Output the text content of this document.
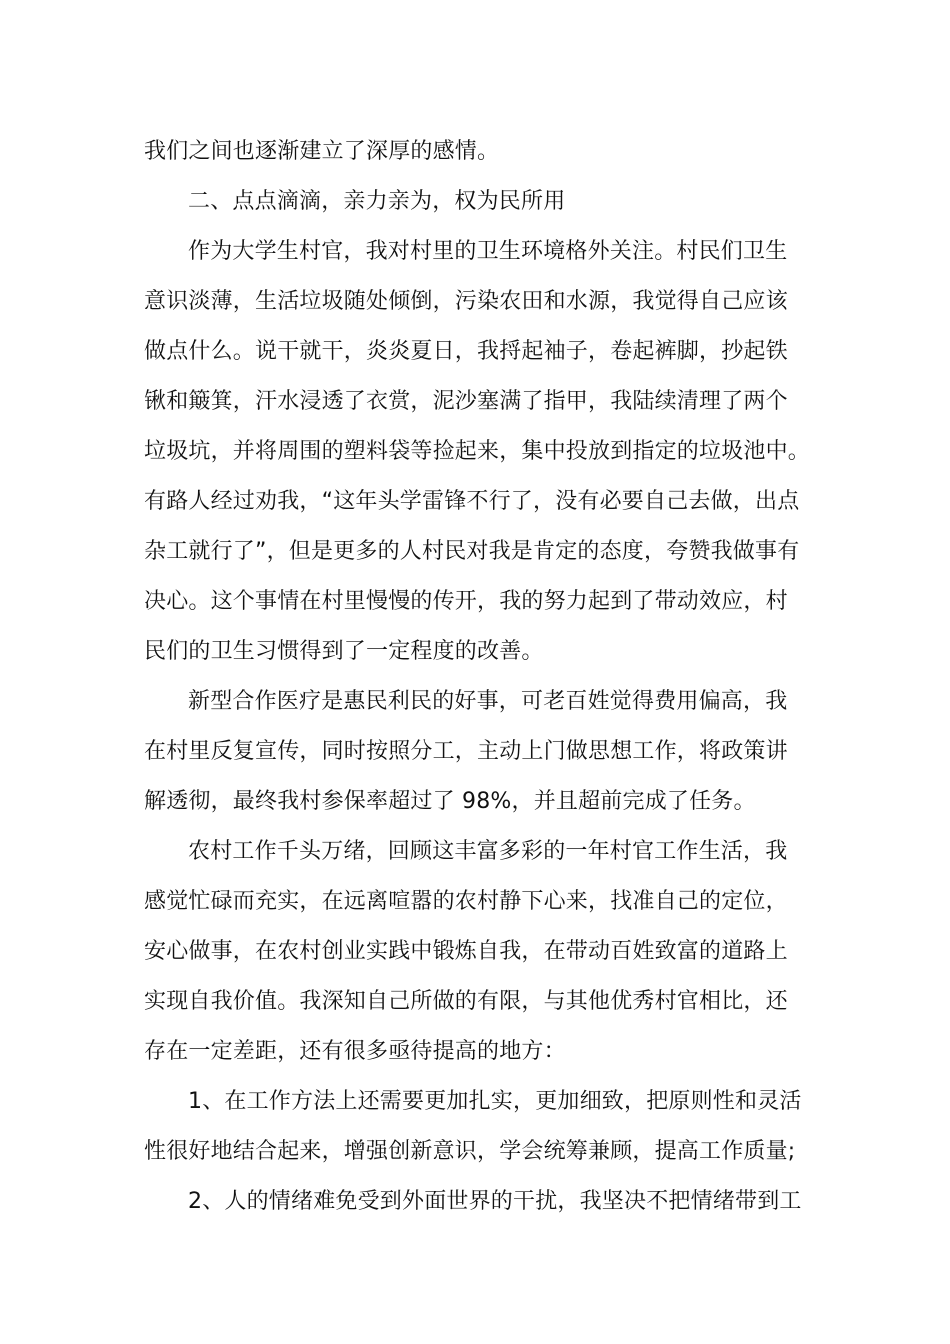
我们之间也逐渐建立了深厚的感情。
二、点点滴滴，亲力亲为，权为民所用
作为大学生村官，我对村里的卫生环境格外关注。村民们卫生
意识淡薄，生活垃圾随处倾倒，污染农田和水源，我觉得自己应该
做点什么。说干就干，炎炎夏日，我捋起袖子，卷起裤脚，抄起铁
锹和簸箕，汗水浸透了衣赏，泥沙塞满了指甲，我陆续清理了两个
垃圾坑，并将周围的塑料袋等捡起来，集中投放到指定的垃圾池中。
有路人经过劝我，“这年头学雷锋不行了，没有必要自己去做，出点
杂工就行了”，但是更多的人村民对我是肯定的态度，夸赞我做事有
决心。这个事情在村里慢慢的传开，我的努力起到了带动效应，村
民们的卫生习惯得到了一定程度的改善。
新型合作医疗是惠民利民的好事，可老百姓觉得费用偏高，我
在村里反复宣传，同时按照分工，主动上门做思想工作，将政策讲
解透彻，最终我村参保率超过了 98%，并且超前完成了任务。
农村工作千头万绪，回顾这丰富多彩的一年村官工作生活，我
感觉忙碌而充实，在远离喧嚣的农村静下心来，找准自己的定位，
安心做事，在农村创业实践中锻炼自我，在带动百姓致富的道路上
实现自我价值。我深知自己所做的有限，与其他优秀村官相比，还
存在一定差距，还有很多亟待提高的地方：
1、在工作方法上还需要更加扎实，更加细致，把原则性和灵活
性很好地结合起来，增强创新意识，学会统筹兼顾，提高工作质量;
2、人的情绪难免受到外面世界的干扰，我坚决不把情绪带到工
